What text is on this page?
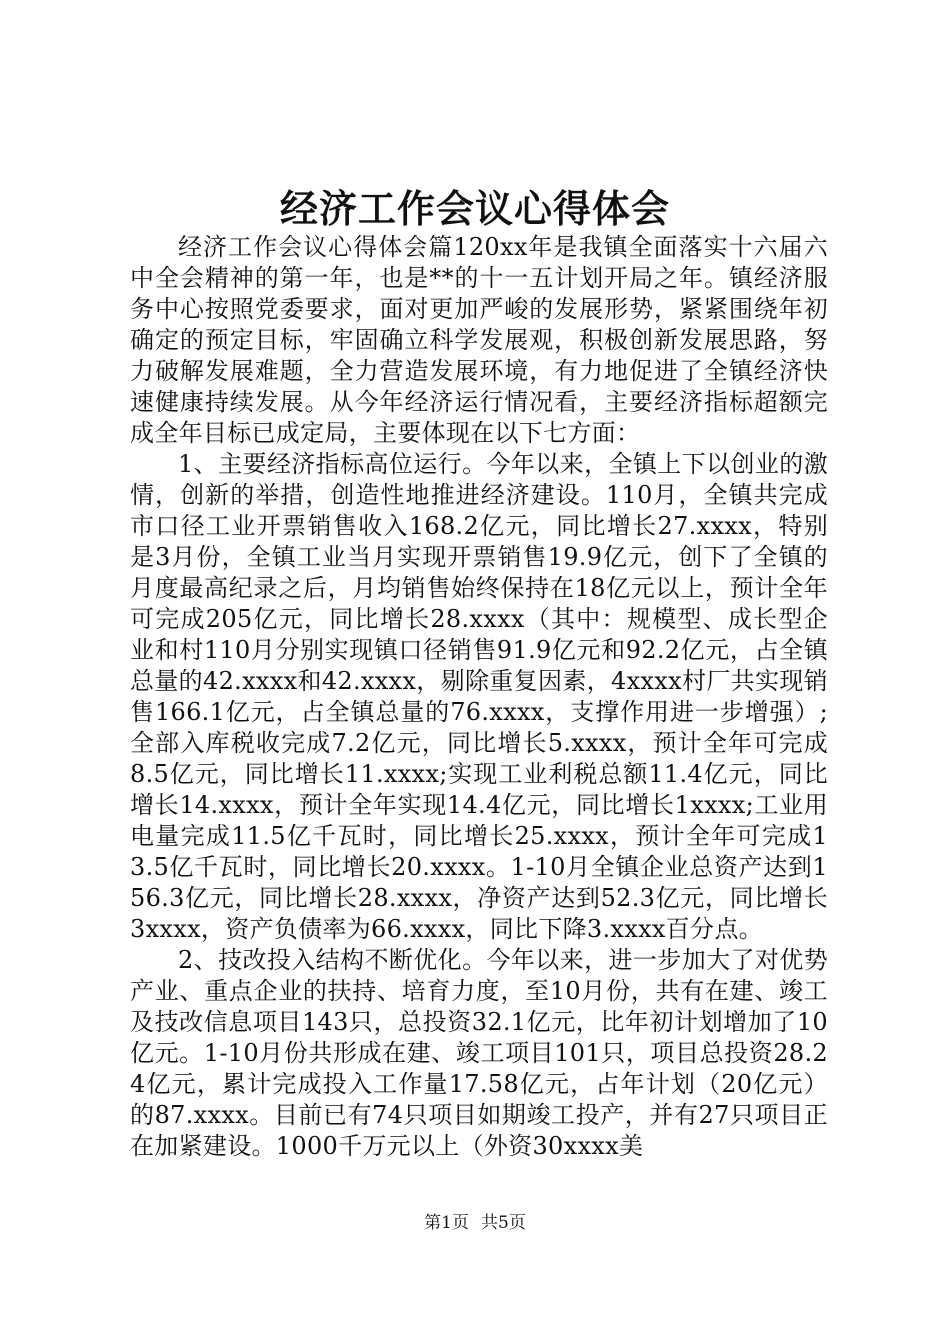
经济工作会议心得体会

经济工作会议心得体会篇120xx年是我镇全面落实十六届六中全会精神的第一年，也是**的十一五计划开局之年。镇经济服务中心按照党委要求，面对更加严峻的发展形势，紧紧围绕年初确定的预定目标，牢固确立科学发展观，积极创新发展思路，努力破解发展难题，全力营造发展环境，有力地促进了全镇经济快速健康持续发展。从今年经济运行情况看，主要经济指标超额完成全年目标已成定局，主要体现在以下七方面：

1、主要经济指标高位运行。今年以来，全镇上下以创业的激情，创新的举措，创造性地推进经济建设。110月，全镇共完成市口径工业开票销售收入168.2亿元，同比增长27.xxxx，特别是3月份，全镇工业当月实现开票销售19.9亿元，创下了全镇的月度最高纪录之后，月均销售始终保持在18亿元以上，预计全年可完成205亿元，同比增长28.xxxx（其中：规模型、成长型企业和村110月分别实现镇口径销售91.9亿元和92.2亿元，占全镇总量的42.xxxx和42.xxxx，剔除重复因素，4xxxx村厂共实现销售166.1亿元，占全镇总量的76.xxxx，支撑作用进一步增强）;全部入库税收完成7.2亿元，同比增长5.xxxx，预计全年可完成8.5亿元，同比增长11.xxxx;实现工业利税总额11.4亿元，同比增长14.xxxx，预计全年实现14.4亿元，同比增长1xxxx;工业用电量完成11.5亿千瓦时，同比增长25.xxxx，预计全年可完成13.5亿千瓦时，同比增长20.xxxx。1-10月全镇企业总资产达到156.3亿元，同比增长28.xxxx，净资产达到52.3亿元，同比增长3xxxx，资产负债率为66.xxxx，同比下降3.xxxx百分点。

2、技改投入结构不断优化。今年以来，进一步加大了对优势产业、重点企业的扶持、培育力度，至10月份，共有在建、竣工及技改信息项目143只，总投资32.1亿元，比年初计划增加了10亿元。1-10月份共形成在建、竣工项目101只，项目总投资28.24亿元，累计完成投入工作量17.58亿元，占年计划（20亿元）的87.xxxx。目前已有74只项目如期竣工投产，并有27只项目正在加紧建设。1000千万元以上（外资30xxxx美

第1页 共5页
